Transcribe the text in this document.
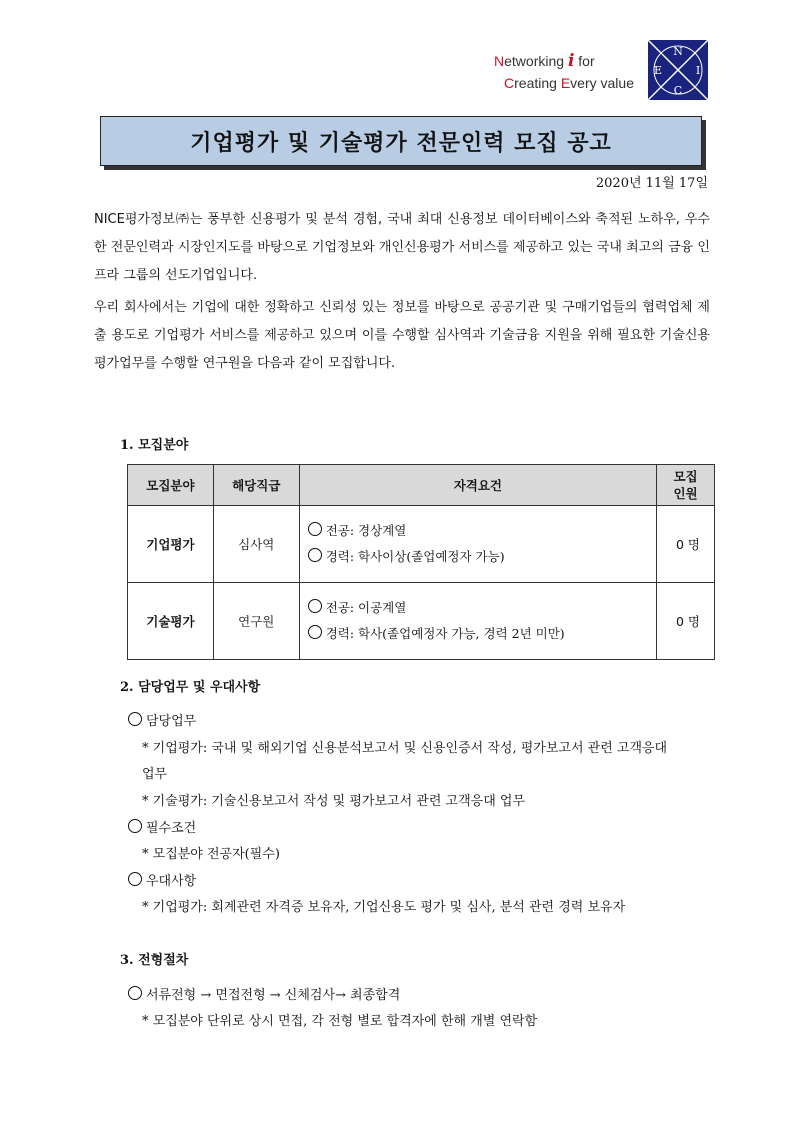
Networking i for
Creating Every value
N
I
C
E
기업평가 및 기술평가 전문인력 모집 공고
2020년 11월 17일
NICE평가정보㈜는 풍부한 신용평가 및 분석 경험, 국내 최대 신용정보 데이터베이스와 축적된 노하우, 우수한 전문인력과 시장인지도를 바탕으로 기업정보와 개인신용평가 서비스를 제공하고 있는 국내 최고의 금융 인프라 그룹의 선도기업입니다.
우리 회사에서는 기업에 대한 정확하고 신뢰성 있는 정보를 바탕으로 공공기관 및 구매기업들의 협력업체 제출 용도로 기업평가 서비스를 제공하고 있으며 이를 수행할 심사역과 기술금융 지원을 위해 필요한 기술신용평가업무를 수행할 연구원을 다음과 같이 모집합니다.
1. 모집분야
모집분야	해당직급	자격요건	모집
인원
기업평가	심사역	전공: 경상계열
경력: 학사이상(졸업예정자 가능)	0 명
기술평가	연구원	전공: 이공계열
경력: 학사(졸업예정자 가능, 경력 2년 미만)	0 명
2. 담당업무 및 우대사항
담당업무
* 기업평가: 국내 및 해외기업 신용분석보고서 및 신용인증서 작성, 평가보고서 관련 고객응대
업무
* 기술평가: 기술신용보고서 작성 및 평가보고서 관련 고객응대 업무
필수조건
* 모집분야 전공자(필수)
우대사항
* 기업평가: 회계관련 자격증 보유자, 기업신용도 평가 및 심사, 분석 관련 경력 보유자
3. 전형절차
서류전형 → 면접전형 → 신체검사→ 최종합격
* 모집분야 단위로 상시 면접, 각 전형 별로 합격자에 한해 개별 연락함
